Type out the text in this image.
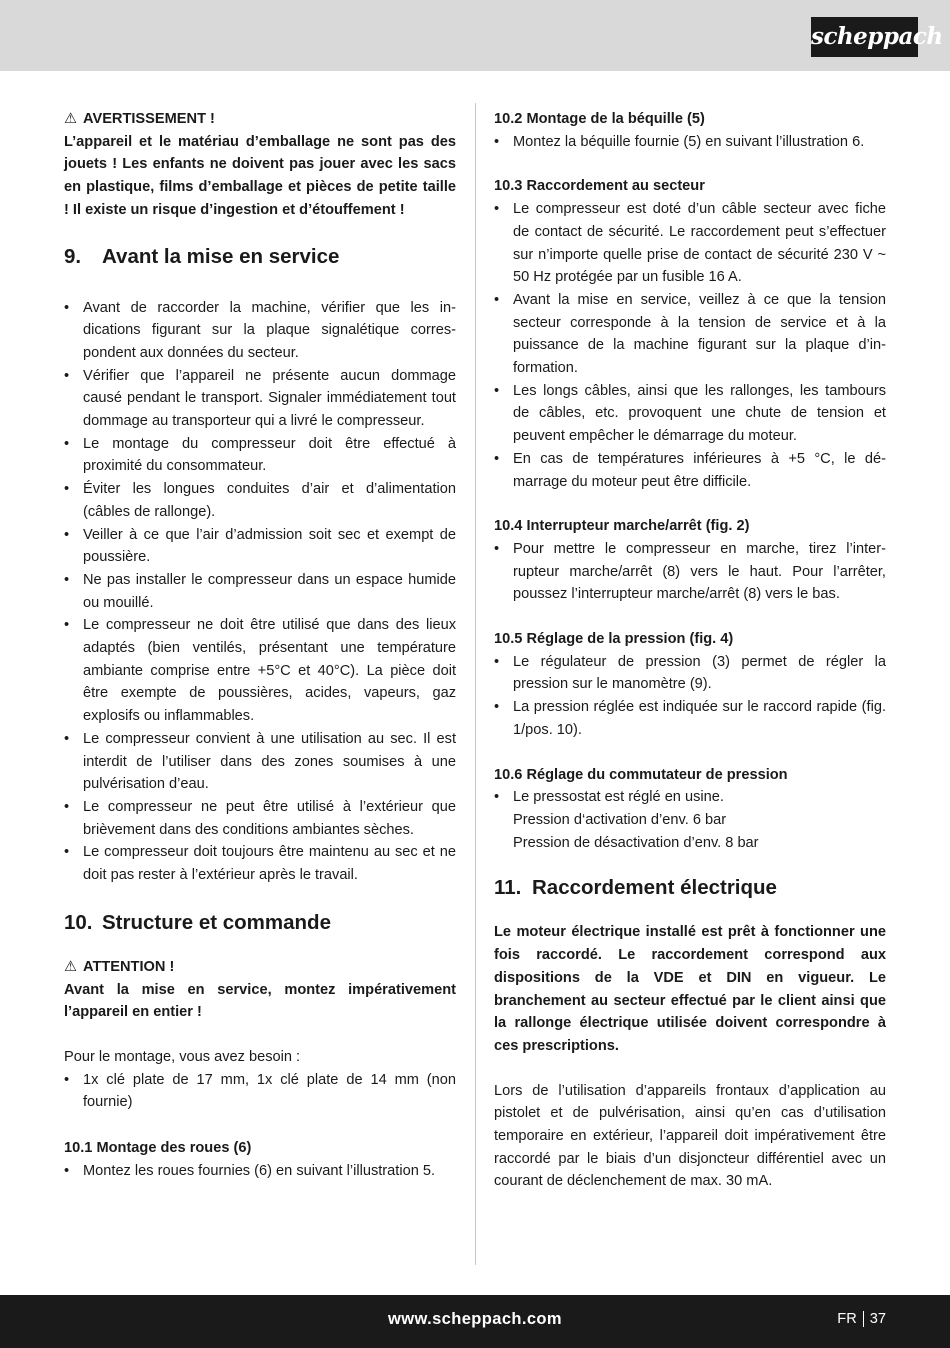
scheppach

⚠ AVERTISSEMENT !

L’appareil et le matériau d’emballage ne sont pas des jouets ! Les enfants ne doivent pas jouer avec les sacs en plastique, films d’emballage et pièces de petite taille ! Il existe un risque d’ingestion et d’étouffement !

9. Avant la mise en service
• Avant de raccorder la machine, vérifier que les indications figurant sur la plaque signalétique correspondent aux données du secteur.
• Vérifier que l’appareil ne présente aucun dommage causé pendant le transport. Signaler immédiatement tout dommage au transporteur qui a livré le compresseur.
• Le montage du compresseur doit être effectué à proximité du consommateur.
• Éviter les longues conduites d’air et d’alimentation (câbles de rallonge).
• Veiller à ce que l’air d’admission soit sec et exempt de poussière.
• Ne pas installer le compresseur dans un espace humide ou mouillé.
• Le compresseur ne doit être utilisé que dans des lieux adaptés (bien ventilés, présentant une température ambiante comprise entre +5°C et 40°C). La pièce doit être exempte de poussières, acides, vapeurs, gaz explosifs ou inflammables.
• Le compresseur convient à une utilisation au sec. Il est interdit de l’utiliser dans des zones soumises à une pulvérisation d’eau.
• Le compresseur ne peut être utilisé à l’extérieur que brièvement dans des conditions ambiantes sèches.
• Le compresseur doit toujours être maintenu au sec et ne doit pas rester à l’extérieur après le travail.
10. Structure et commande

⚠ ATTENTION !

Avant la mise en service, montez impérativement l’appareil en entier !

Pour le montage, vous avez besoin :

• 1x clé plate de 17 mm, 1x clé plate de 14 mm (non fournie)
10.1 Montage des roues (6)
• Montez les roues fournies (6) en suivant l’illustration 5.
10.2 Montage de la béquille (5)
• Montez la béquille fournie (5) en suivant l’illustration 6.
10.3 Raccordement au secteur
• Le compresseur est doté d’un câble secteur avec fiche de contact de sécurité. Le raccordement peut s’effectuer sur n’importe quelle prise de contact de sécurité 230 V ~ 50 Hz protégée par un fusible 16 A.
• Avant la mise en service, veillez à ce que la tension secteur corresponde à la tension de service et à la puissance de la machine figurant sur la plaque d’information.
• Les longs câbles, ainsi que les rallonges, les tambours de câbles, etc. provoquent une chute de tension et peuvent empêcher le démarrage du moteur.
• En cas de températures inférieures à +5 °C, le démarrage du moteur peut être difficile.
10.4 Interrupteur marche/arrêt (fig. 2)
• Pour mettre le compresseur en marche, tirez l’interrupteur marche/arrêt (8) vers le haut. Pour l’arrêter, poussez l’interrupteur marche/arrêt (8) vers le bas.
10.5 Réglage de la pression (fig. 4)
• Le régulateur de pression (3) permet de régler la pression sur le manomètre (9).
• La pression réglée est indiquée sur le raccord rapide (fig. 1/pos. 10).
10.6 Réglage du commutateur de pression
• Le pressostat est réglé en usine.

Pression d‘activation d’env. 6 bar

Pression de désactivation d’env. 8 bar

11. Raccordement électrique

Le moteur électrique installé est prêt à fonctionner une fois raccordé. Le raccordement correspond aux dispositions de la VDE et DIN en vigueur. Le branchement au secteur effectué par le client ainsi que la rallonge électrique utilisée doivent correspondre à ces prescriptions.

Lors de l’utilisation d’appareils frontaux d’application au pistolet et de pulvérisation, ainsi qu’en cas d’utilisation temporaire en extérieur, l’appareil doit impérativement être raccordé par le biais d’un disjoncteur différentiel avec un courant de déclenchement de max. 30 mA.

www.scheppach.com	FR 37
